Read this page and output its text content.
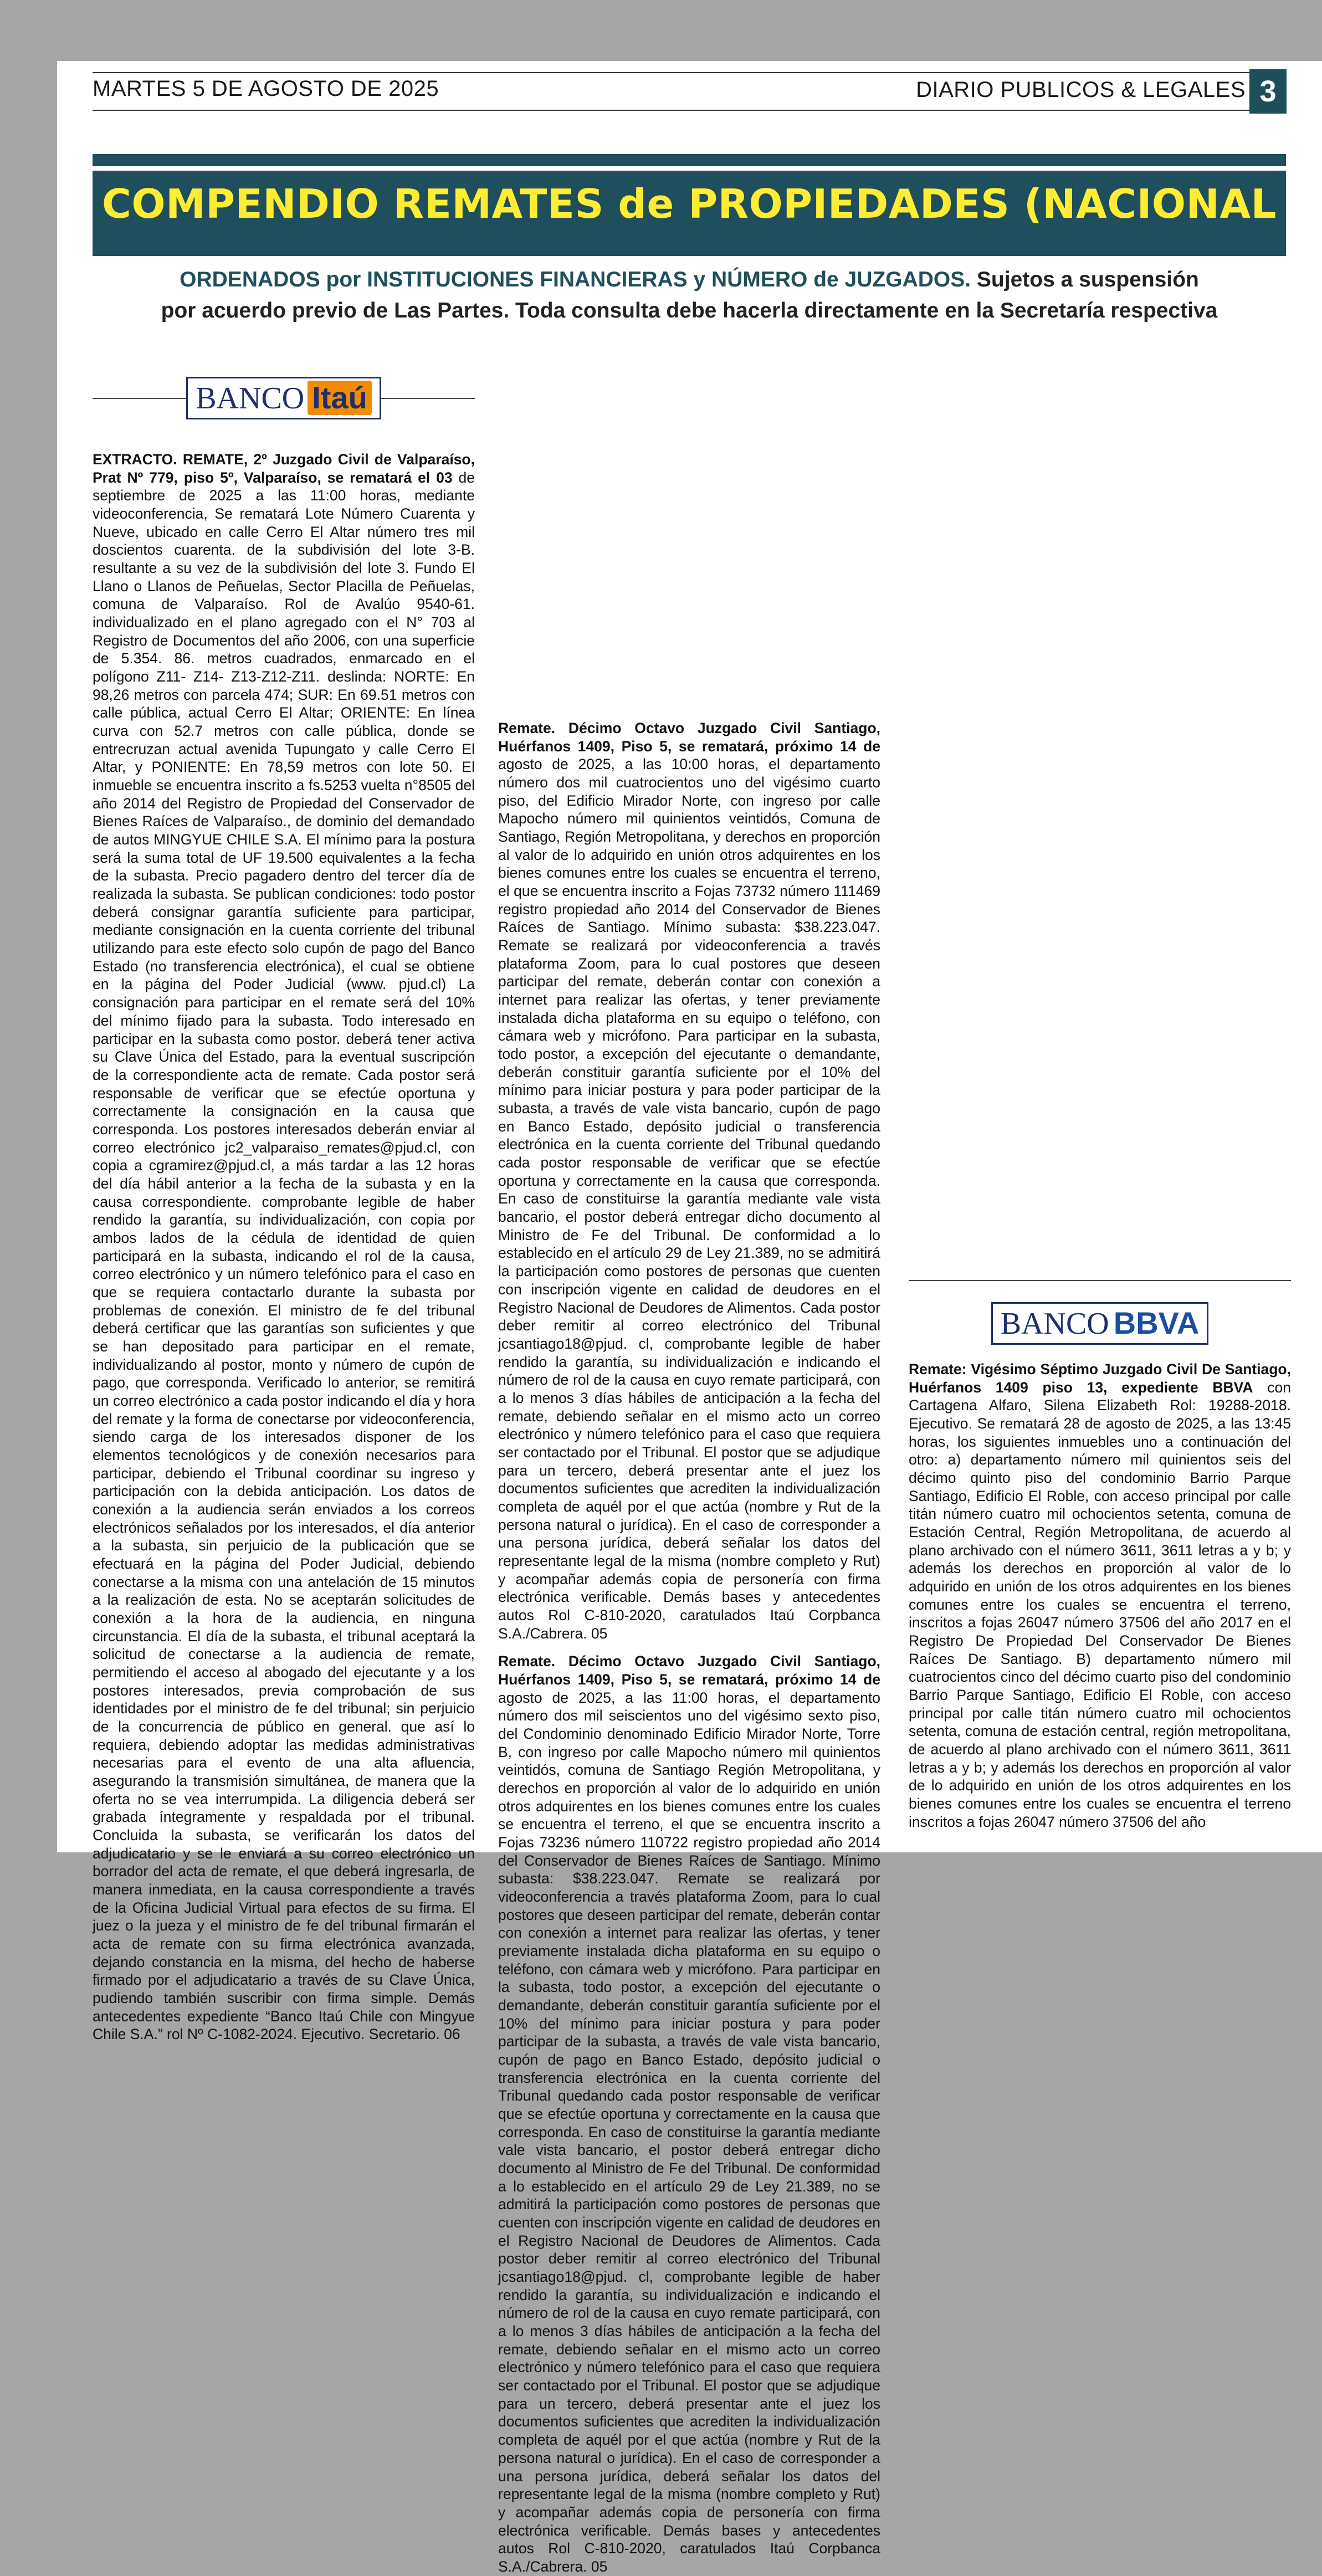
MARTES 5 DE AGOSTO DE 2025	DIARIO PUBLICOS & LEGALES 3
COMPENDIO REMATES de PROPIEDADES (NACIONAL
ORDENADOS por INSTITUCIONES FINANCIERAS y NÚMERO de JUZGADOS. Sujetos a suspensión
por acuerdo previo de Las Partes. Toda consulta debe hacerla directamente en la Secretaría respectiva
BANCO Itaú

EXTRACTO. REMATE, 2º Juzgado Civil de Valparaíso, Prat Nº 779, piso 5º, Valparaíso, se rematará el 03 de septiembre de 2025 a las 11:00 horas, mediante videoconferencia, Se rematará Lote Número Cuarenta y Nueve, ubicado en calle Cerro El Altar número tres mil doscientos cuarenta. de la subdivisión del lote 3-B. resultante a su vez de la subdivisión del lote 3. Fundo El Llano o Llanos de Peñuelas, Sector Placilla de Peñuelas, comuna de Valparaíso. Rol de Avalúo 9540-61. individualizado en el plano agregado con el N° 703 al Registro de Documentos del año 2006, con una superficie de 5.354. 86. metros cuadrados, enmarcado en el polígono Z11- Z14- Z13-Z12-Z11. deslinda: NORTE: En 98,26 metros con parcela 474; SUR: En 69.51 metros con calle pública, actual Cerro El Altar; ORIENTE: En línea curva con 52.7 metros con calle pública, donde se entrecruzan actual avenida Tupungato y calle Cerro El Altar, y PONIENTE: En 78,59 metros con lote 50. El inmueble se encuentra inscrito a fs.5253 vuelta n°8505 del año 2014 del Registro de Propiedad del Conservador de Bienes Raíces de Valparaíso., de dominio del demandado de autos MINGYUE CHILE S.A. El mínimo para la postura será la suma total de UF 19.500 equivalentes a la fecha de la subasta. Precio pagadero dentro del tercer día de realizada la subasta. Se publican condiciones: todo postor deberá consignar garantía suficiente para participar, mediante consignación en la cuenta corriente del tribunal utilizando para este efecto solo cupón de pago del Banco Estado (no transferencia electrónica), el cual se obtiene en la página del Poder Judicial (www. pjud.cl) La consignación para participar en el remate será del 10% del mínimo fijado para la subasta. Todo interesado en participar en la subasta como postor. deberá tener activa su Clave Única del Estado, para la eventual suscripción de la correspondiente acta de remate. Cada postor será responsable de verificar que se efectúe oportuna y correctamente la consignación en la causa que corresponda. Los postores interesados deberán enviar al correo electrónico jc2_valparaiso_remates@pjud.cl, con copia a cgramirez@pjud.cl, a más tardar a las 12 horas del día hábil anterior a la fecha de la subasta y en la causa correspondiente. comprobante legible de haber rendido la garantía, su individualización, con copia por ambos lados de la cédula de identidad de quien participará en la subasta, indicando el rol de la causa, correo electrónico y un número telefónico para el caso en que se requiera contactarlo durante la subasta por problemas de conexión. El ministro de fe del tribunal deberá certificar que las garantías son suficientes y que se han depositado para participar en el remate, individualizando al postor, monto y número de cupón de pago, que corresponda. Verificado lo anterior, se remitirá un correo electrónico a cada postor indicando el día y hora del remate y la forma de conectarse por videoconferencia, siendo carga de los interesados disponer de los elementos tecnológicos y de conexión necesarios para participar, debiendo el Tribunal coordinar su ingreso y participación con la debida anticipación. Los datos de conexión a la audiencia serán enviados a los correos electrónicos señalados por los interesados, el día anterior a la subasta, sin perjuicio de la publicación que se efectuará en la página del Poder Judicial, debiendo conectarse a la misma con una antelación de 15 minutos a la realización de esta. No se aceptarán solicitudes de conexión a la hora de la audiencia, en ninguna circunstancia. El día de la subasta, el tribunal aceptará la solicitud de conectarse a la audiencia de remate, permitiendo el acceso al abogado del ejecutante y a los postores interesados, previa comprobación de sus identidades por el ministro de fe del tribunal; sin perjuicio de la concurrencia de público en general. que así lo requiera, debiendo adoptar las medidas administrativas necesarias para el evento de una alta afluencia, asegurando la transmisión simultánea, de manera que la oferta no se vea interrumpida. La diligencia deberá ser grabada íntegramente y respaldada por el tribunal. Concluida la subasta, se verificarán los datos del adjudicatario y se le enviará a su correo electrónico un borrador del acta de remate, el que deberá ingresarla, de manera inmediata, en la causa correspondiente a través de la Oficina Judicial Virtual para efectos de su firma. El juez o la jueza y el ministro de fe del tribunal firmarán el acta de remate con su firma electrónica avanzada, dejando constancia en la misma, del hecho de haberse firmado por el adjudicatario a través de su Clave Única, pudiendo también suscribir con firma simple. Demás antecedentes expediente “Banco Itaú Chile con Mingyue Chile S.A.” rol Nº C-1082-2024. Ejecutivo. Secretario. 06

Remate. Décimo Octavo Juzgado Civil Santiago, Huérfanos 1409, Piso 5, se rematará, próximo 14 de agosto de 2025, a las 10:00 horas, el departamento número dos mil cuatrocientos uno del vigésimo cuarto piso, del Edificio Mirador Norte, con ingreso por calle Mapocho número mil quinientos veintidós, Comuna de Santiago, Región Metropolitana, y derechos en proporción al valor de lo adquirido en unión otros adquirentes en los bienes comunes entre los cuales se encuentra el terreno, el que se encuentra inscrito a Fojas 73732 número 111469 registro propiedad año 2014 del Conservador de Bienes Raíces de Santiago. Mínimo subasta: $38.223.047. Remate se realizará por videoconferencia a través plataforma Zoom, para lo cual postores que deseen participar del remate, deberán contar con conexión a internet para realizar las ofertas, y tener previamente instalada dicha plataforma en su equipo o teléfono, con cámara web y micrófono. Para participar en la subasta, todo postor, a excepción del ejecutante o demandante, deberán constituir garantía suficiente por el 10% del mínimo para iniciar postura y para poder participar de la subasta, a través de vale vista bancario, cupón de pago en Banco Estado, depósito judicial o transferencia electrónica en la cuenta corriente del Tribunal quedando cada postor responsable de verificar que se efectúe oportuna y correctamente en la causa que corresponda. En caso de constituirse la garantía mediante vale vista bancario, el postor deberá entregar dicho documento al Ministro de Fe del Tribunal. De conformidad a lo establecido en el artículo 29 de Ley 21.389, no se admitirá la participación como postores de personas que cuenten con inscripción vigente en calidad de deudores en el Registro Nacional de Deudores de Alimentos. Cada postor deber remitir al correo electrónico del Tribunal jcsantiago18@pjud. cl, comprobante legible de haber rendido la garantía, su individualización e indicando el número de rol de la causa en cuyo remate participará, con a lo menos 3 días hábiles de anticipación a la fecha del remate, debiendo señalar en el mismo acto un correo electrónico y número telefónico para el caso que requiera ser contactado por el Tribunal. El postor que se adjudique para un tercero, deberá presentar ante el juez los documentos suficientes que acrediten la individualización completa de aquél por el que actúa (nombre y Rut de la persona natural o jurídica). En el caso de corresponder a una persona jurídica, deberá señalar los datos del representante legal de la misma (nombre completo y Rut) y acompañar además copia de personería con firma electrónica verificable. Demás bases y antecedentes autos Rol C-810-2020, caratulados Itaú Corpbanca S.A./Cabrera. 05

Remate. Décimo Octavo Juzgado Civil Santiago, Huérfanos 1409, Piso 5, se rematará, próximo 14 de agosto de 2025, a las 11:00 horas, el departamento número dos mil seiscientos uno del vigésimo sexto piso, del Condominio denominado Edificio Mirador Norte, Torre B, con ingreso por calle Mapocho número mil quinientos veintidós, comuna de Santiago Región Metropolitana, y derechos en proporción al valor de lo adquirido en unión otros adquirentes en los bienes comunes entre los cuales se encuentra el terreno, el que se encuentra inscrito a Fojas 73236 número 110722 registro propiedad año 2014 del Conservador de Bienes Raíces de Santiago. Mínimo subasta: $38.223.047. Remate se realizará por videoconferencia a través plataforma Zoom, para lo cual postores que deseen participar del remate, deberán contar con conexión a internet para realizar las ofertas, y tener previamente instalada dicha plataforma en su equipo o teléfono, con cámara web y micrófono. Para participar en la subasta, todo postor, a excepción del ejecutante o demandante, deberán constituir garantía suficiente por el 10% del mínimo para iniciar postura y para poder participar de la subasta, a través de vale vista bancario, cupón de pago en Banco Estado, depósito judicial o transferencia electrónica en la cuenta corriente del Tribunal quedando cada postor responsable de verificar que se efectúe oportuna y correctamente en la causa que corresponda. En caso de constituirse la garantía mediante vale vista bancario, el postor deberá entregar dicho documento al Ministro de Fe del Tribunal. De conformidad a lo establecido en el artículo 29 de Ley 21.389, no se admitirá la participación como postores de personas que cuenten con inscripción vigente en calidad de deudores en el Registro Nacional de Deudores de Alimentos. Cada postor deber remitir al correo electrónico del Tribunal jcsantiago18@pjud. cl, comprobante legible de haber rendido la garantía, su individualización e indicando el número de rol de la causa en cuyo remate participará, con a lo menos 3 días hábiles de anticipación a la fecha del remate, debiendo señalar en el mismo acto un correo electrónico y número telefónico para el caso que requiera ser contactado por el Tribunal. El postor que se adjudique para un tercero, deberá presentar ante el juez los documentos suficientes que acrediten la individualización completa de aquél por el que actúa (nombre y Rut de la persona natural o jurídica). En el caso de corresponder a una persona jurídica, deberá señalar los datos del representante legal de la misma (nombre completo y Rut) y acompañar además copia de personería con firma electrónica verificable. Demás bases y antecedentes autos Rol C-810-2020, caratulados Itaú Corpbanca S.A./Cabrera. 05

BANCO BBVA

Remate: Vigésimo Séptimo Juzgado Civil De Santiago, Huérfanos 1409 piso 13, expediente BBVA con Cartagena Alfaro, Silena Elizabeth Rol: 19288-2018. Ejecutivo. Se rematará 28 de agosto de 2025, a las 13:45 horas, los siguientes inmuebles uno a continuación del otro: a) departamento número mil quinientos seis del décimo quinto piso del condominio Barrio Parque Santiago, Edificio El Roble, con acceso principal por calle titán número cuatro mil ochocientos setenta, comuna de Estación Central, Región Metropolitana, de acuerdo al plano archivado con el número 3611, 3611 letras a y b; y además los derechos en proporción al valor de lo adquirido en unión de los otros adquirentes en los bienes comunes entre los cuales se encuentra el terreno, inscritos a fojas 26047 número 37506 del año 2017 en el Registro De Propiedad Del Conservador De Bienes Raíces De Santiago. B) departamento número mil cuatrocientos cinco del décimo cuarto piso del condominio Barrio Parque Santiago, Edificio El Roble, con acceso principal por calle titán número cuatro mil ochocientos setenta, comuna de estación central, región metropolitana, de acuerdo al plano archivado con el número 3611, 3611 letras a y b; y además los derechos en proporción al valor de lo adquirido en unión de los otros adquirentes en los bienes comunes entre los cuales se encuentra el terreno inscritos a fojas 26047 número 37506 del año
